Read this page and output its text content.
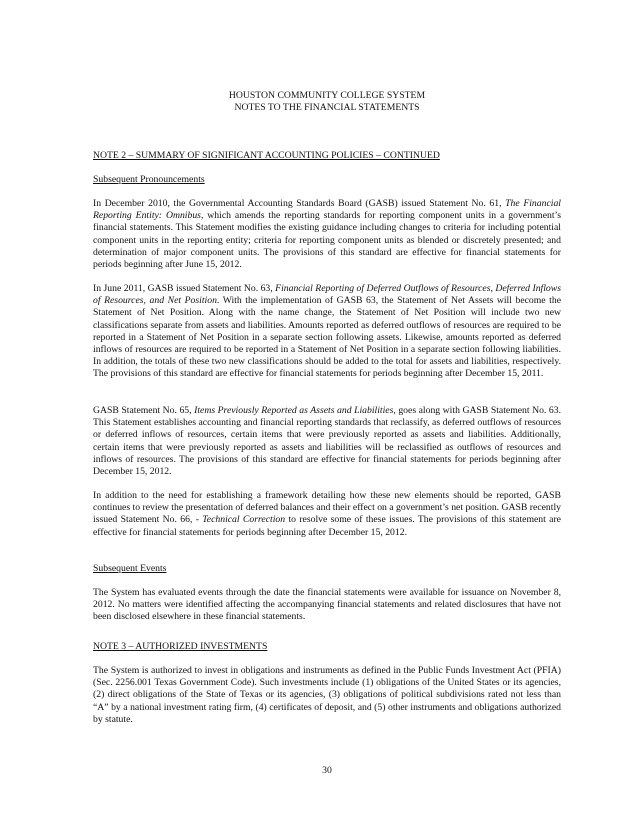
HOUSTON COMMUNITY COLLEGE SYSTEM
NOTES TO THE FINANCIAL STATEMENTS
NOTE 2 – SUMMARY OF SIGNIFICANT ACCOUNTING POLICIES – CONTINUED
Subsequent Pronouncements
In December 2010, the Governmental Accounting Standards Board (GASB) issued Statement No. 61, The Financial Reporting Entity: Omnibus, which amends the reporting standards for reporting component units in a government’s financial statements. This Statement modifies the existing guidance including changes to criteria for including potential component units in the reporting entity; criteria for reporting component units as blended or discretely presented; and determination of major component units. The provisions of this standard are effective for financial statements for periods beginning after June 15, 2012.
In June 2011, GASB issued Statement No. 63, Financial Reporting of Deferred Outflows of Resources, Deferred Inflows of Resources, and Net Position. With the implementation of GASB 63, the Statement of Net Assets will become the Statement of Net Position. Along with the name change, the Statement of Net Position will include two new classifications separate from assets and liabilities. Amounts reported as deferred outflows of resources are required to be reported in a Statement of Net Position in a separate section following assets. Likewise, amounts reported as deferred inflows of resources are required to be reported in a Statement of Net Position in a separate section following liabilities. In addition, the totals of these two new classifications should be added to the total for assets and liabilities, respectively. The provisions of this standard are effective for financial statements for periods beginning after December 15, 2011.
GASB Statement No. 65, Items Previously Reported as Assets and Liabilities, goes along with GASB Statement No. 63. This Statement establishes accounting and financial reporting standards that reclassify, as deferred outflows of resources or deferred inflows of resources, certain items that were previously reported as assets and liabilities. Additionally, certain items that were previously reported as assets and liabilities will be reclassified as outflows of resources and inflows of resources. The provisions of this standard are effective for financial statements for periods beginning after December 15, 2012.
In addition to the need for establishing a framework detailing how these new elements should be reported, GASB continues to review the presentation of deferred balances and their effect on a government’s net position. GASB recently issued Statement No. 66, - Technical Correction to resolve some of these issues. The provisions of this statement are effective for financial statements for periods beginning after December 15, 2012.
Subsequent Events
The System has evaluated events through the date the financial statements were available for issuance on November 8, 2012. No matters were identified affecting the accompanying financial statements and related disclosures that have not been disclosed elsewhere in these financial statements.
NOTE 3 – AUTHORIZED INVESTMENTS
The System is authorized to invest in obligations and instruments as defined in the Public Funds Investment Act (PFIA) (Sec. 2256.001 Texas Government Code). Such investments include (1) obligations of the United States or its agencies, (2) direct obligations of the State of Texas or its agencies, (3) obligations of political subdivisions rated not less than “A” by a national investment rating firm, (4) certificates of deposit, and (5) other instruments and obligations authorized by statute.
30
